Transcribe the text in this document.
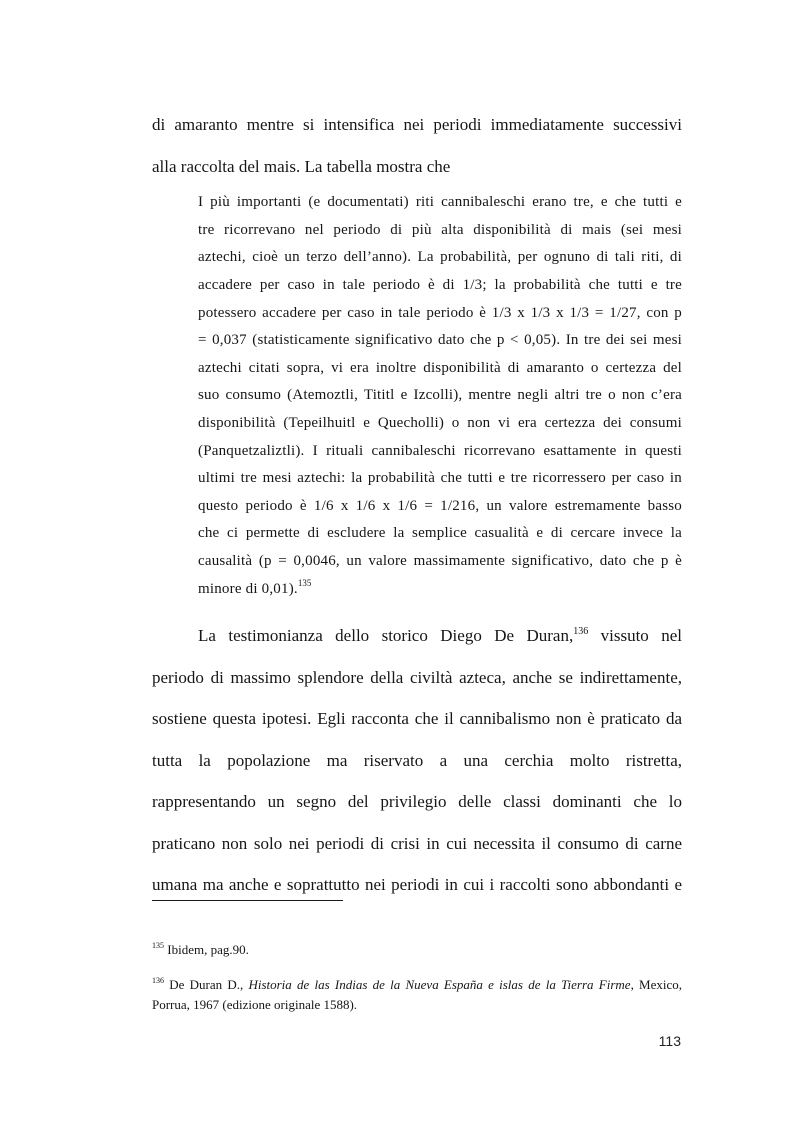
di amaranto mentre si intensifica nei periodi immediatamente successivi
alla raccolta del mais. La tabella mostra che
I più importanti (e documentati) riti cannibaleschi erano tre, e che tutti e
tre ricorrevano nel periodo di più alta disponibilità di mais (sei mesi
aztechi, cioè un terzo dell’anno). La probabilità, per ognuno di tali riti, di
accadere per caso in tale periodo è di 1/3; la probabilità che tutti e tre
potessero accadere per caso in tale periodo è 1/3 x 1/3 x 1/3 = 1/27, con p
= 0,037 (statisticamente significativo dato che p < 0,05). In tre dei sei mesi
aztechi citati sopra, vi era inoltre disponibilità di amaranto o certezza del
suo consumo (Atemoztli, Tititl e Izcolli), mentre negli altri tre o non c’era
disponibilità (Tepeilhuitl e Quecholli) o non vi era certezza dei consumi
(Panquetzaliztli). I rituali cannibaleschi ricorrevano esattamente in questi
ultimi tre mesi aztechi: la probabilità che tutti e tre ricorressero per caso in
questo periodo è 1/6 x 1/6 x 1/6 = 1/216, un valore estremamente basso
che ci permette di escludere la semplice casualità e di cercare invece la
causalità (p = 0,0046, un valore massimamente significativo, dato che p è
minore di 0,01).$^{135}$
La testimonianza dello storico Diego De Duran,$^{136}$ vissuto nel
periodo di massimo splendore della civiltà azteca, anche se indirettamente,
sostiene questa ipotesi. Egli racconta che il cannibalismo non è praticato da
tutta la popolazione ma riservato a una cerchia molto ristretta,
rappresentando un segno del privilegio delle classi dominanti che lo
praticano non solo nei periodi di crisi in cui necessita il consumo di carne
umana ma anche e soprattutto nei periodi in cui i raccolti sono abbondanti e
$^{135}$ Ibidem, pag.90.
$^{136}$ De Duran D., Historia de las Indias de la Nueva España e islas de la Tierra Firme, Mexico, Porrua, 1967 (edizione originale 1588).
113
